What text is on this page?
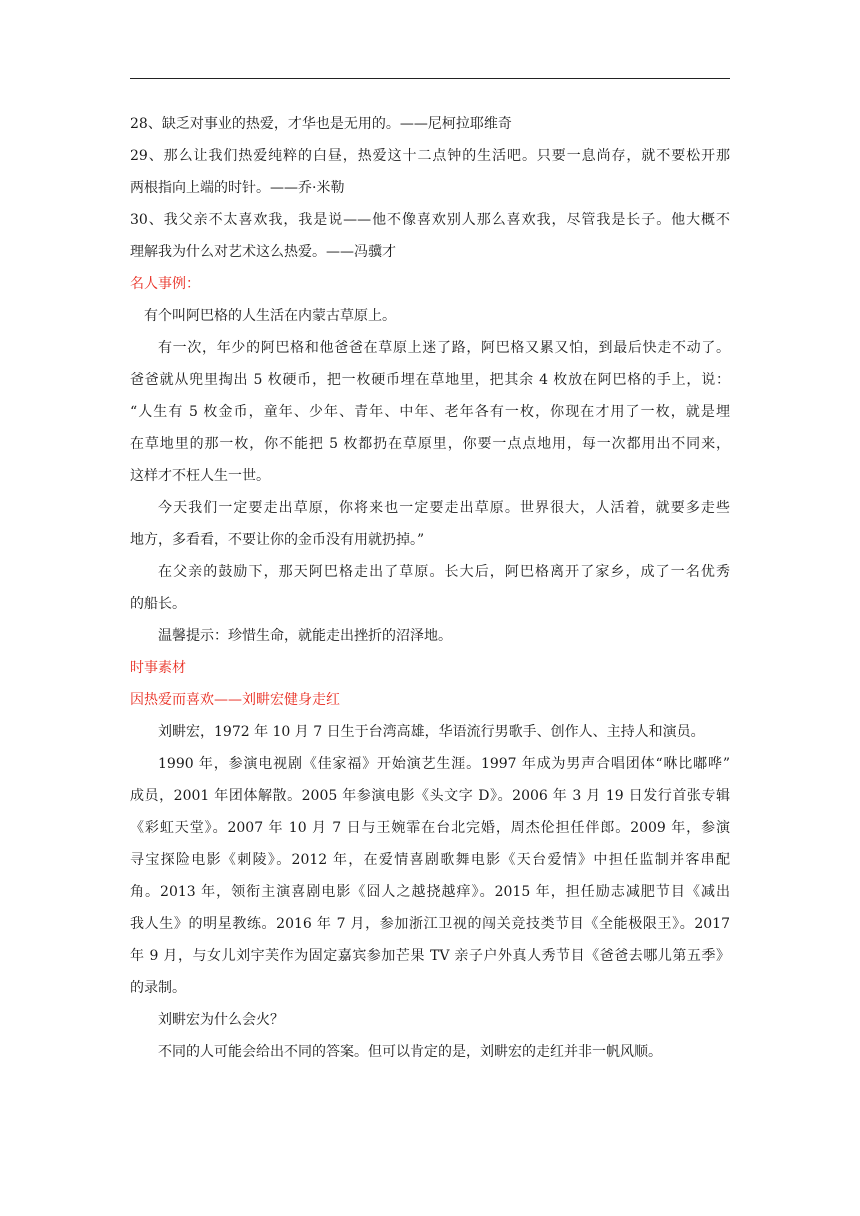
28、缺乏对事业的热爱，才华也是无用的。——尼柯拉耶维奇
29、那么让我们热爱纯粹的白昼，热爱这十二点钟的生活吧。只要一息尚存，就不要松开那
两根指向上端的时针。——乔·米勒
30、我父亲不太喜欢我，我是说——他不像喜欢别人那么喜欢我，尽管我是长子。他大概不
理解我为什么对艺术这么热爱。——冯骥才
名人事例：
有个叫阿巴格的人生活在内蒙古草原上。
有一次，年少的阿巴格和他爸爸在草原上迷了路，阿巴格又累又怕，到最后快走不动了。
爸爸就从兜里掏出 5 枚硬币，把一枚硬币埋在草地里，把其余 4 枚放在阿巴格的手上，说：
“人生有 5 枚金币，童年、少年、青年、中年、老年各有一枚，你现在才用了一枚，就是埋
在草地里的那一枚，你不能把 5 枚都扔在草原里，你要一点点地用，每一次都用出不同来，
这样才不枉人生一世。
今天我们一定要走出草原，你将来也一定要走出草原。世界很大，人活着，就要多走些
地方，多看看，不要让你的金币没有用就扔掉。”
在父亲的鼓励下，那天阿巴格走出了草原。长大后，阿巴格离开了家乡，成了一名优秀
的船长。
温馨提示：珍惜生命，就能走出挫折的沼泽地。
时事素材
因热爱而喜欢——刘畊宏健身走红
刘畊宏，1972 年 10 月 7 日生于台湾高雄，华语流行男歌手、创作人、主持人和演员。
1990 年，参演电视剧《佳家福》开始演艺生涯。1997 年成为男声合唱团体“咻比嘟哗”
成员，2001 年团体解散。2005 年参演电影《头文字 D》。2006 年 3 月 19 日发行首张专辑
《彩虹天堂》。2007 年 10 月 7 日与王婉霏在台北完婚，周杰伦担任伴郎。2009 年，参演
寻宝探险电影《刺陵》。2012 年，在爱情喜剧歌舞电影《天台爱情》中担任监制并客串配
角。2013 年，领衔主演喜剧电影《囧人之越挠越痒》。2015 年，担任励志减肥节目《减出
我人生》的明星教练。2016 年 7 月，参加浙江卫视的闯关竞技类节目《全能极限王》。2017
年 9 月，与女儿刘宇芙作为固定嘉宾参加芒果 TV 亲子户外真人秀节目《爸爸去哪儿第五季》
的录制。
刘畊宏为什么会火？
不同的人可能会给出不同的答案。但可以肯定的是，刘畊宏的走红并非一帆风顺。
